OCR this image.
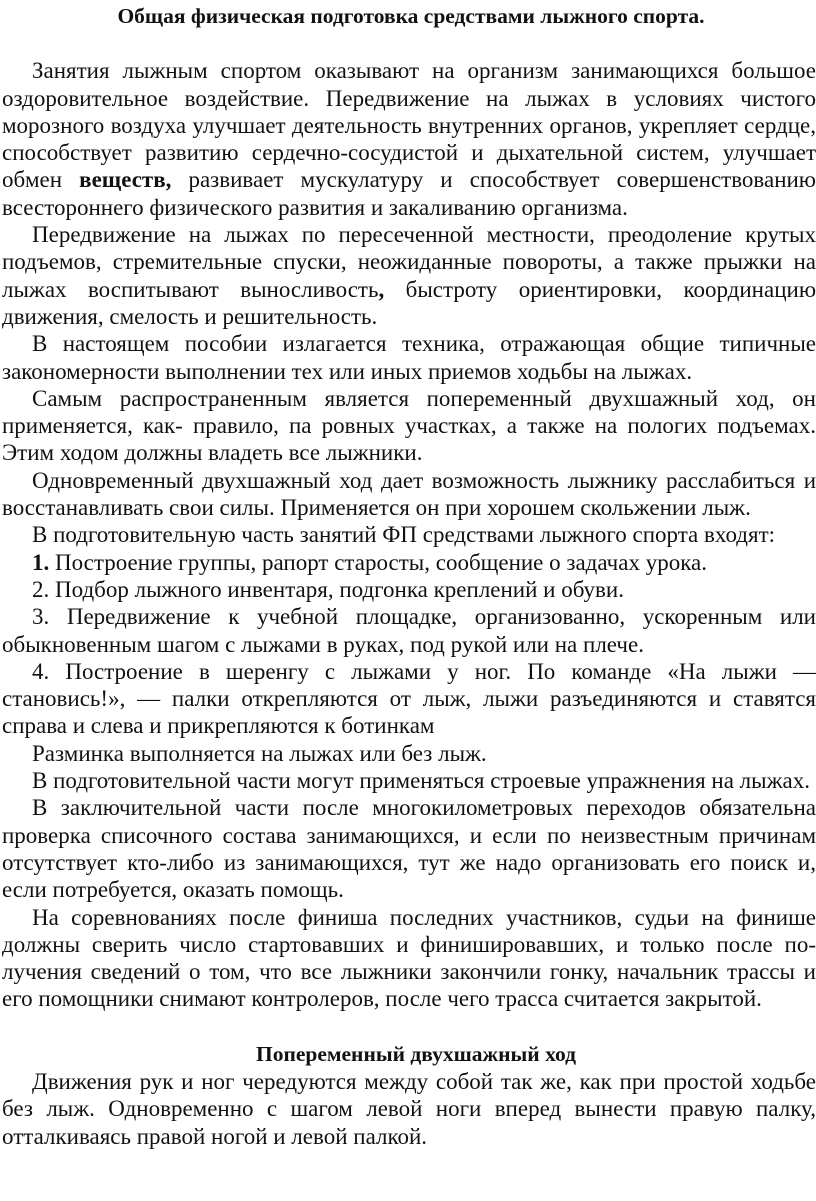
Общая физическая подготовка средствами лыжного спорта.

Занятия лыжным спортом оказывают на организм занимающихся большое оздоровительное воздействие. Передвижение на лыжах в условиях чистого морозного воздуха улучшает деятельность внутренних органов, укрепляет сердце, способствует развитию сердечно-сосудистой и дыхательной систем, улучшает обмен веществ, развивает мускулатуру и способствует совершенствованию всестороннего физического развития и закаливанию организма.

Передвижение на лыжах по пересеченной местности, преодоление крутых подъемов, стремительные спуски, неожиданные повороты, а также прыжки на лыжах воспитывают выносливость, быстроту ориентировки, координацию движения, смелость и решительность.

В настоящем пособии излагается техника, отражающая общие типичные закономерности выполнении тех или иных приемов ходьбы на лыжах.

Самым распространенным является попеременный двухшажный ход, он применяется, как- правило, па ровных участках, а также на пологих подъемах. Этим ходом должны владеть все лыжники.

Одновременный двухшажный ход дает возможность лыжнику расслабиться и восстанавливать свои силы. Применяется он при хорошем скольжении лыж.

В подготовительную часть занятий ФП средствами лыжного спорта входят:

1. Построение группы, рапорт старосты, сообщение о задачах урока.

2. Подбор лыжного инвентаря, подгонка креплений и обуви.

3. Передвижение к учебной площадке, организованно, ускоренным или обыкновенным шагом с лыжами в руках, под рукой или на плече.

4. Построение в шеренгу с лыжами у ног. По команде «На лыжи — становись!», — палки открепляются от лыж, лыжи разъединяются и ставятся справа и слева и прикрепляются к ботинкам

Разминка выполняется на лыжах или без лыж.

В подготовительной части могут применяться строевые упражнения на лыжах.

В заключительной части после многокилометровых переходов обязательна проверка списочного состава занимающихся, и если по неизвестным причинам отсутствует кто-либо из занимающихся, тут же надо организовать его поиск и, если потребуется, оказать помощь.

На соревнованиях после финиша последних участников, судьи на финише должны сверить число стартовавших и финишировавших, и только после получения сведений о том, что все лыжники закончили гонку, начальник трассы и его помощники снимают контролеров, после чего трасса считается закрытой.

Попеременный двухшажный ход

Движения рук и ног чередуются между собой так же, как при простой ходьбе без лыж. Одновременно с шагом левой ноги вперед вынести правую палку, отталкиваясь правой ногой и левой палкой.
